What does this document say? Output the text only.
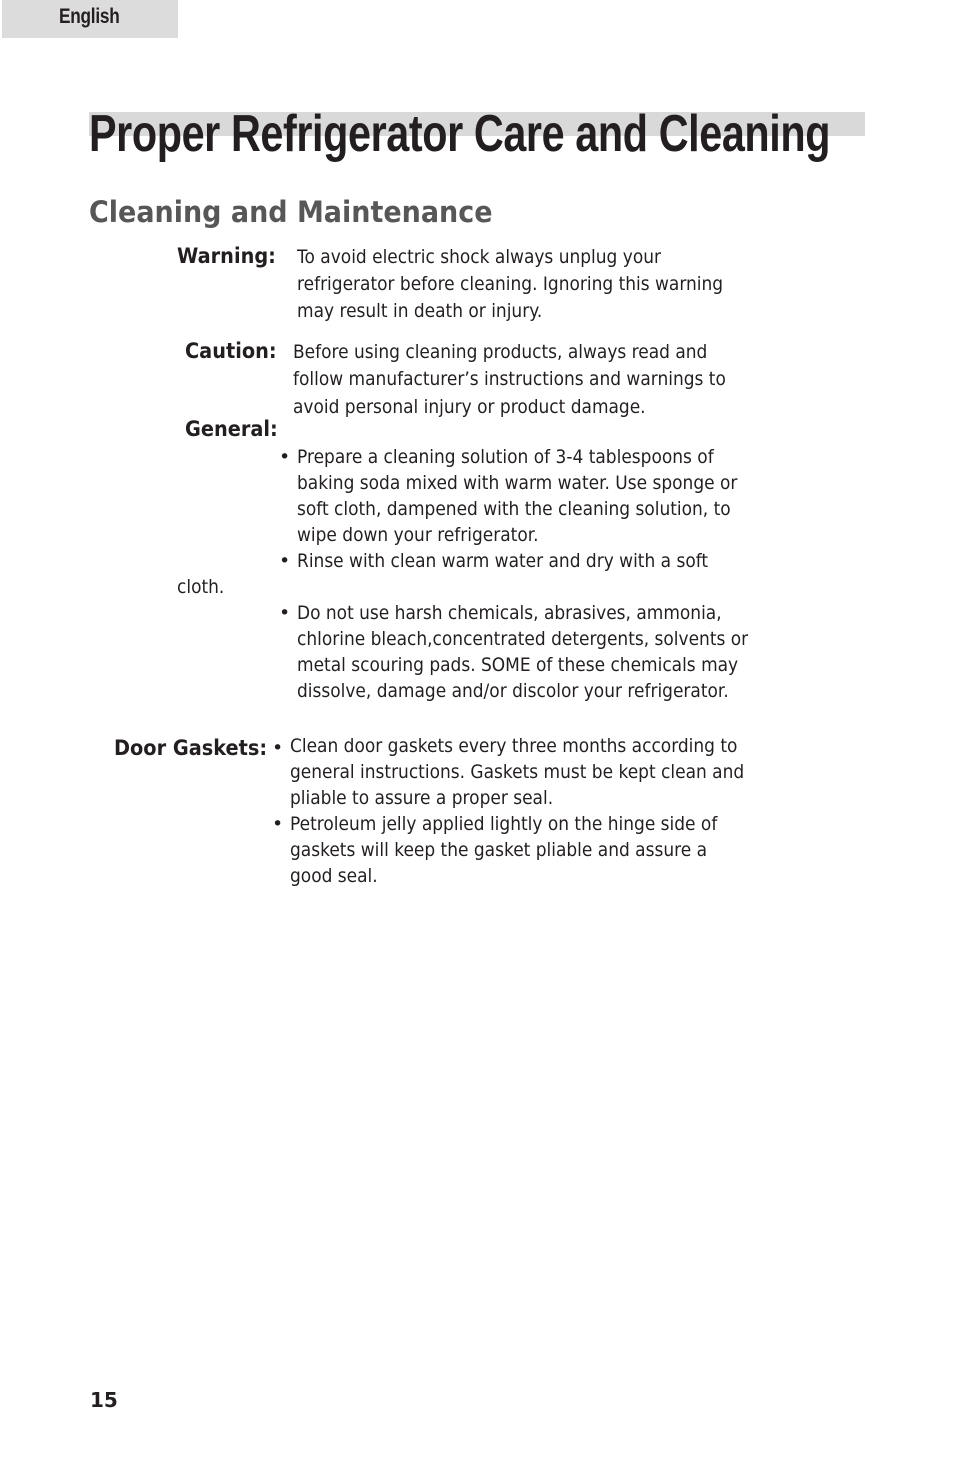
English
Proper Refrigerator Care and Cleaning
Cleaning and Maintenance
Warning: To avoid electric shock always unplug your
refrigerator before cleaning. Ignoring this warning
may result in death or injury.
Caution: Before using cleaning products, always read and
follow manufacturer’s instructions and warnings to
avoid personal injury or product damage.
General:
• Prepare a cleaning solution of 3-4 tablespoons of
baking soda mixed with warm water. Use sponge or
soft cloth, dampened with the cleaning solution, to
wipe down your refrigerator.
• Rinse with clean warm water and dry with a soft
cloth.
• Do not use harsh chemicals, abrasives, ammonia,
chlorine bleach,concentrated detergents, solvents or
metal scouring pads. SOME of these chemicals may
dissolve, damage and/or discolor your refrigerator.
•
Door Gaskets: Clean door gaskets every three months according to
general instructions. Gaskets must be kept clean and
pliable to assure a proper seal.
• Petroleum jelly applied lightly on the hinge side of
gaskets will keep the gasket pliable and assure a
good seal.
15
